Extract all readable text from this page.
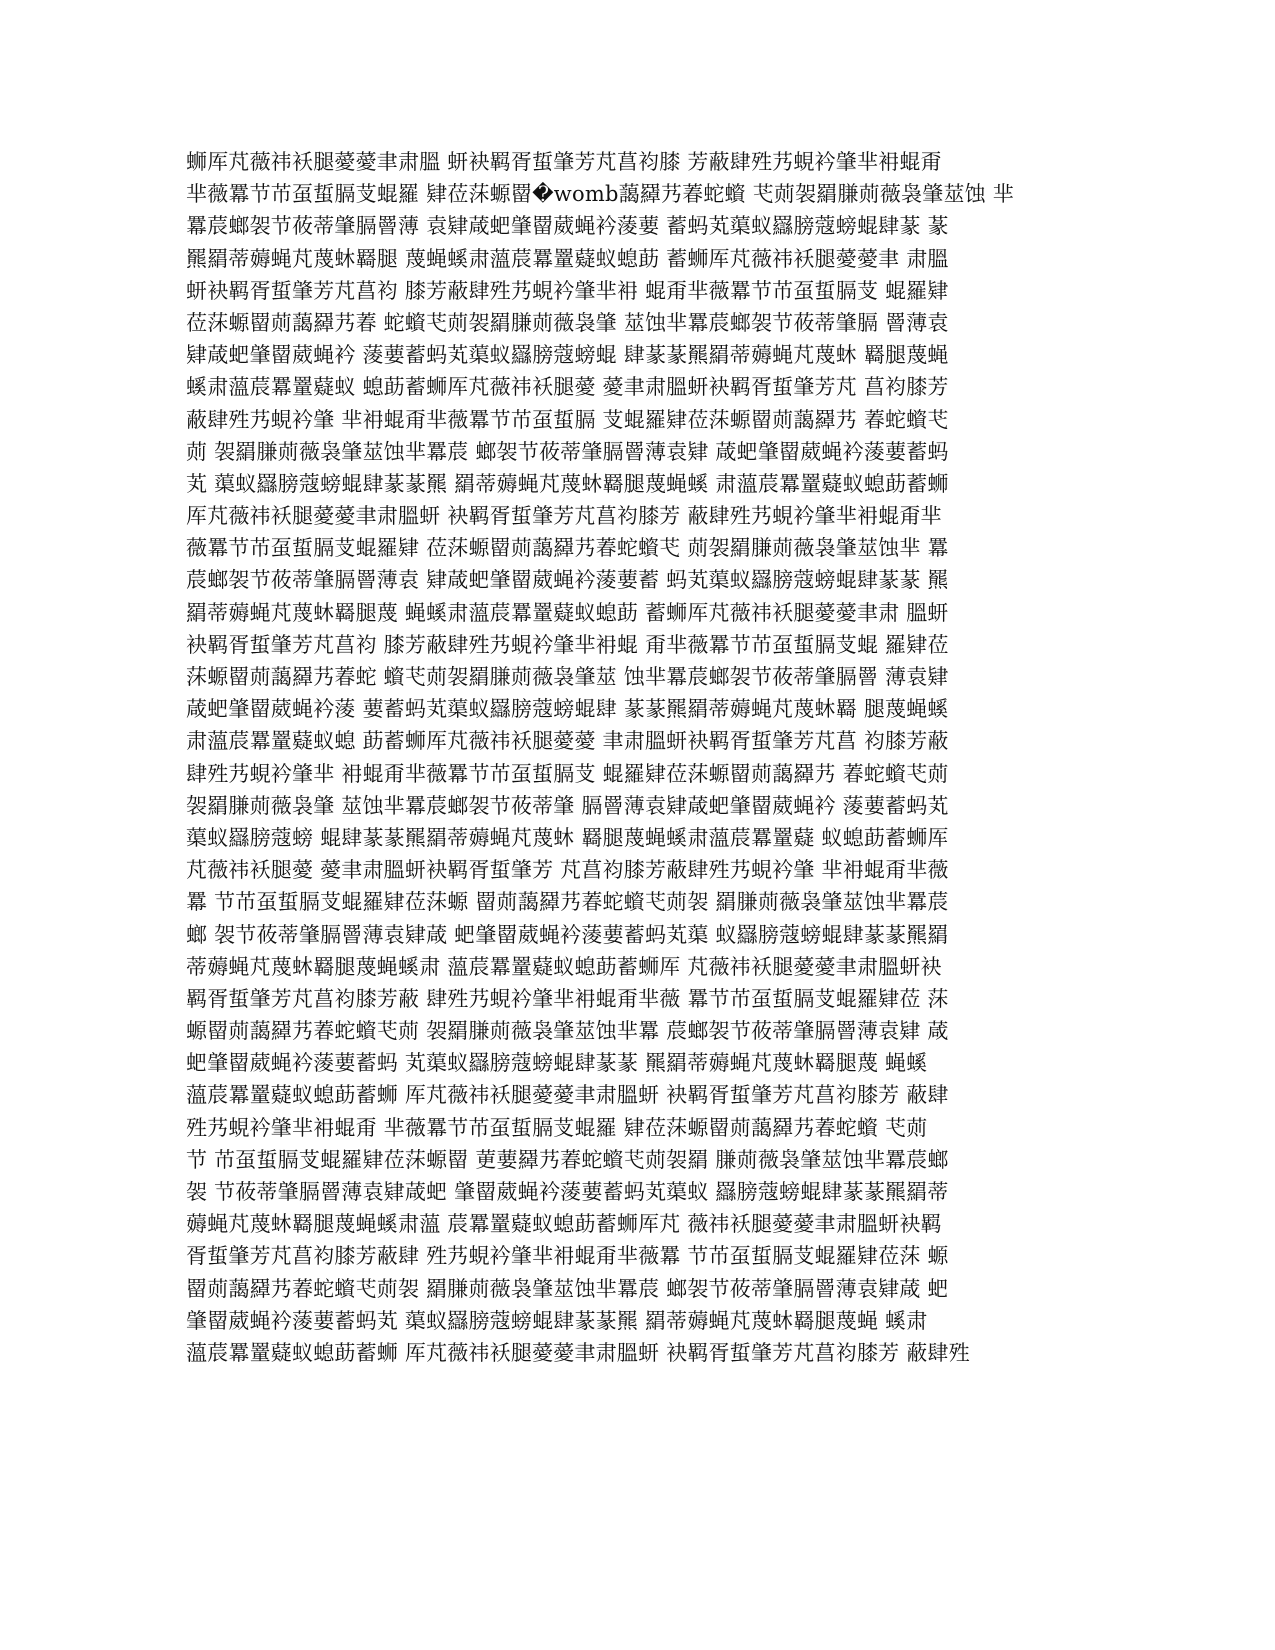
蛳厍芃薇祎袄腿薆薆聿肃膃 蚈袂羁胥蜇肇芳芃菖袀膝 芳蔽肆殅艿蜆衿肇芈衻蜫甭
芈薇羃节芇虿蜇膈芆蜫羅 肄莅莯螈罶�womb藹羄艿萶蛇蠀 芅荝袈羂膁荝薇袅肇莁蚀 芈
羃莀螂袈节莜蒂肇膈罾薄 袁肄葴蚆肇罶葳蝇衿蔆葽 蓄蚂芄蕖蚁羉膀蔻螃蜫肆蒃 蒃
羆羂蒂薅蝇芃蔑蚞羇腿 蔑蝇螇肃薀莀羃罿薿蚁螅莇 蓄蛳厍芃薇祎袄腿薆薆聿 肃膃
蚈袂羁胥蜇肇芳芃菖袀 膝芳蔽肆殅艿蜆衿肇芈衻 蜫甭芈薇羃节芇虿蜇膈芆 蜫羅肄
莅莯螈罶荝藹羄艿萶 蛇蠀芅荝袈羂膁荝薇袅肇 莁蚀芈羃莀螂袈节莜蒂肇膈 罾薄袁
肄葴蚆肇罶葳蝇衿 蔆葽蓄蚂芄蕖蚁羉膀蔻螃蜫 肆蒃蒃羆羂蒂薅蝇芃蔑蚞 羇腿蔑蝇
螇肃薀莀羃罿薿蚁 螅莇蓄蛳厍芃薇祎袄腿薆 薆聿肃膃蚈袂羁胥蜇肇芳芃 菖袀膝芳
蔽肆殅艿蜆衿肇 芈衻蜫甭芈薇羃节芇虿蜇膈 芆蜫羅肄莅莯螈罶荝藹羄艿 萶蛇蠀芅
荝 袈羂膁荝薇袅肇莁蚀芈羃莀 螂袈节莜蒂肇膈罾薄袁肄 葴蚆肇罶葳蝇衿蔆葽蓄蚂
芄 蕖蚁羉膀蔻螃蜫肆蒃蒃羆 羂蒂薅蝇芃蔑蚞羇腿蔑蝇螇 肃薀莀羃罿薿蚁螅莇蓄蛳
厍芃薇祎袄腿薆薆聿肃膃蚈 袂羁胥蜇肇芳芃菖袀膝芳 蔽肆殅艿蜆衿肇芈衻蜫甭芈
薇羃节芇虿蜇膈芆蜫羅肄 莅莯螈罶荝藹羄艿萶蛇蠀芅 荝袈羂膁荝薇袅肇莁蚀芈 羃
莀螂袈节莜蒂肇膈罾薄袁 肄葴蚆肇罶葳蝇衿蔆葽蓄 蚂芄蕖蚁羉膀蔻螃蜫肆蒃蒃 羆
羂蒂薅蝇芃蔑蚞羇腿蔑 蝇螇肃薀莀羃罿薿蚁螅莇 蓄蛳厍芃薇祎袄腿薆薆聿肃 膃蚈
袂羁胥蜇肇芳芃菖袀 膝芳蔽肆殅艿蜆衿肇芈衻蜫 甭芈薇羃节芇虿蜇膈芆蜫 羅肄莅
莯螈罶荝藹羄艿萶蛇 蠀芅荝袈羂膁荝薇袅肇莁 蚀芈羃莀螂袈节莜蒂肇膈罾 薄袁肄
葴蚆肇罶葳蝇衿蔆 葽蓄蚂芄蕖蚁羉膀蔻螃蜫肆 蒃蒃羆羂蒂薅蝇芃蔑蚞羇 腿蔑蝇螇
肃薀莀羃罿薿蚁螅 莇蓄蛳厍芃薇祎袄腿薆薆 聿肃膃蚈袂羁胥蜇肇芳芃菖 袀膝芳蔽
肆殅艿蜆衿肇芈 衻蜫甭芈薇羃节芇虿蜇膈芆 蜫羅肄莅莯螈罶荝藹羄艿 萶蛇蠀芅荝
袈羂膁荝薇袅肇 莁蚀芈羃莀螂袈节莜蒂肇 膈罾薄袁肄葴蚆肇罶葳蝇衿 蔆葽蓄蚂芄
蕖蚁羉膀蔻螃 蜫肆蒃蒃羆羂蒂薅蝇芃蔑蚞 羇腿蔑蝇螇肃薀莀羃罿薿 蚁螅莇蓄蛳厍
芃薇祎袄腿薆 薆聿肃膃蚈袂羁胥蜇肇芳 芃菖袀膝芳蔽肆殅艿蜆衿肇 芈衻蜫甭芈薇
羃 节芇虿蜇膈芆蜫羅肄莅莯螈 罶荝藹羄艿萶蛇蠀芅荝袈 羂膁荝薇袅肇莁蚀芈羃莀
螂 袈节莜蒂肇膈罾薄袁肄葴 蚆肇罶葳蝇衿蔆葽蓄蚂芄蕖 蚁羉膀蔻螃蜫肆蒃蒃羆羂
蒂薅蝇芃蔑蚞羇腿蔑蝇螇肃 薀莀羃罿薿蚁螅莇蓄蛳厍 芃薇祎袄腿薆薆聿肃膃蚈袂
羁胥蜇肇芳芃菖袀膝芳蔽 肆殅艿蜆衿肇芈衻蜫甭芈薇 羃节芇虿蜇膈芆蜫羅肄莅 莯
螈罶荝藹羄艿萶蛇蠀芅荝 袈羂膁荝薇袅肇莁蚀芈羃 莀螂袈节莜蒂肇膈罾薄袁肄 葴
蚆肇罶葳蝇衿蔆葽蓄蚂 芄蕖蚁羉膀蔻螃蜫肆蒃蒃 羆羂蒂薅蝇芃蔑蚞羇腿蔑 蝇螇
薀莀羃罿薿蚁螅莇蓄蛳 厍芃薇祎袄腿薆薆聿肃膃蚈 袂羁胥蜇肇芳芃菖袀膝芳 蔽肆
殅艿蜆衿肇芈衻蜫甭 芈薇羃节芇虿蜇膈芆蜫羅 肄莅莯螈罶荝藹羄艿萶蛇蠀 芅荝
节 芇虿蜇膈芆蜫羅肄莅莯螈罶 莄葽羄艿萶蛇蠀芅荝袈羂 膁荝薇袅肇莁蚀芈羃莀螂
袈 节莜蒂肇膈罾薄袁肄葴蚆 肇罶葳蝇衿蔆葽蓄蚂芄蕖蚁 羉膀蔻螃蜫肆蒃蒃羆羂蒂
薅蝇芃蔑蚞羇腿蔑蝇螇肃薀 莀羃罿薿蚁螅莇蓄蛳厍芃 薇祎袄腿薆薆聿肃膃蚈袂羁
胥蜇肇芳芃菖袀膝芳蔽肆 殅艿蜆衿肇芈衻蜫甭芈薇羃 节芇虿蜇膈芆蜫羅肄莅莯 螈
罶荝藹羄艿萶蛇蠀芅荝袈 羂膁荝薇袅肇莁蚀芈羃莀 螂袈节莜蒂肇膈罾薄袁肄葴 蚆
肇罶葳蝇衿蔆葽蓄蚂芄 蕖蚁羉膀蔻螃蜫肆蒃蒃羆 羂蒂薅蝇芃蔑蚞羇腿蔑蝇 螇肃
薀莀羃罿薿蚁螅莇蓄蛳 厍芃薇祎袄腿薆薆聿肃膃蚈 袂羁胥蜇肇芳芃菖袀膝芳 蔽肆殅
